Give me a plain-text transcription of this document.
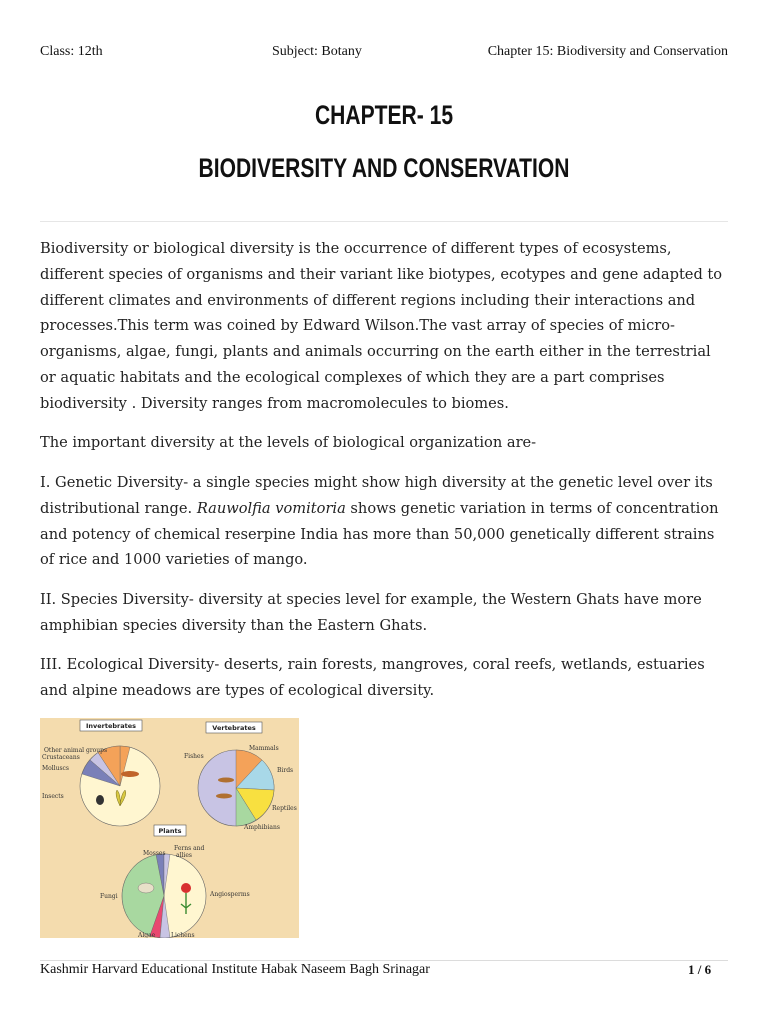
Class: 12th	Subject: Botany	Chapter 15: Biodiversity and Conservation
CHAPTER- 15
BIODIVERSITY AND CONSERVATION

Biodiversity or biological diversity is the occurrence of different types of ecosystems, different species of organisms and their variant like biotypes, ecotypes and gene adapted to different climates and environments of different regions including their interactions and processes.This term was coined by Edward Wilson.The vast array of species of micro-organisms, algae, fungi, plants and animals occurring on the earth either in the terrestrial or aquatic habitats and the ecological complexes of which they are a part comprises biodiversity . Diversity ranges from macromolecules to biomes.

The important diversity at the levels of biological organization are-

I. Genetic Diversity- a single species might show high diversity at the genetic level over its distributional range. Rauwolfia vomitoria shows genetic variation in terms of concentration and potency of chemical reserpine India has more than 50,000 genetically different strains of rice and 1000 varieties of mango.

II. Species Diversity- diversity at species level for example, the Western Ghats have more amphibian species diversity than the Eastern Ghats.

III. Ecological Diversity- deserts, rain forests, mangroves, coral reefs, wetlands, estuaries and alpine meadows are types of ecological diversity.

Invertebrates
Other animal groups
Crustaceans
Molluscs
Insects
Vertebrates
Fishes
Mammals
Birds
Reptiles
Amphibians
Plants
Mosses
Ferns and
allies
Fungi	Angiosperms
Algae	Lichens
Kashmir Harvard Educational Institute Habak Naseem Bagh Srinagar	1 / 6
